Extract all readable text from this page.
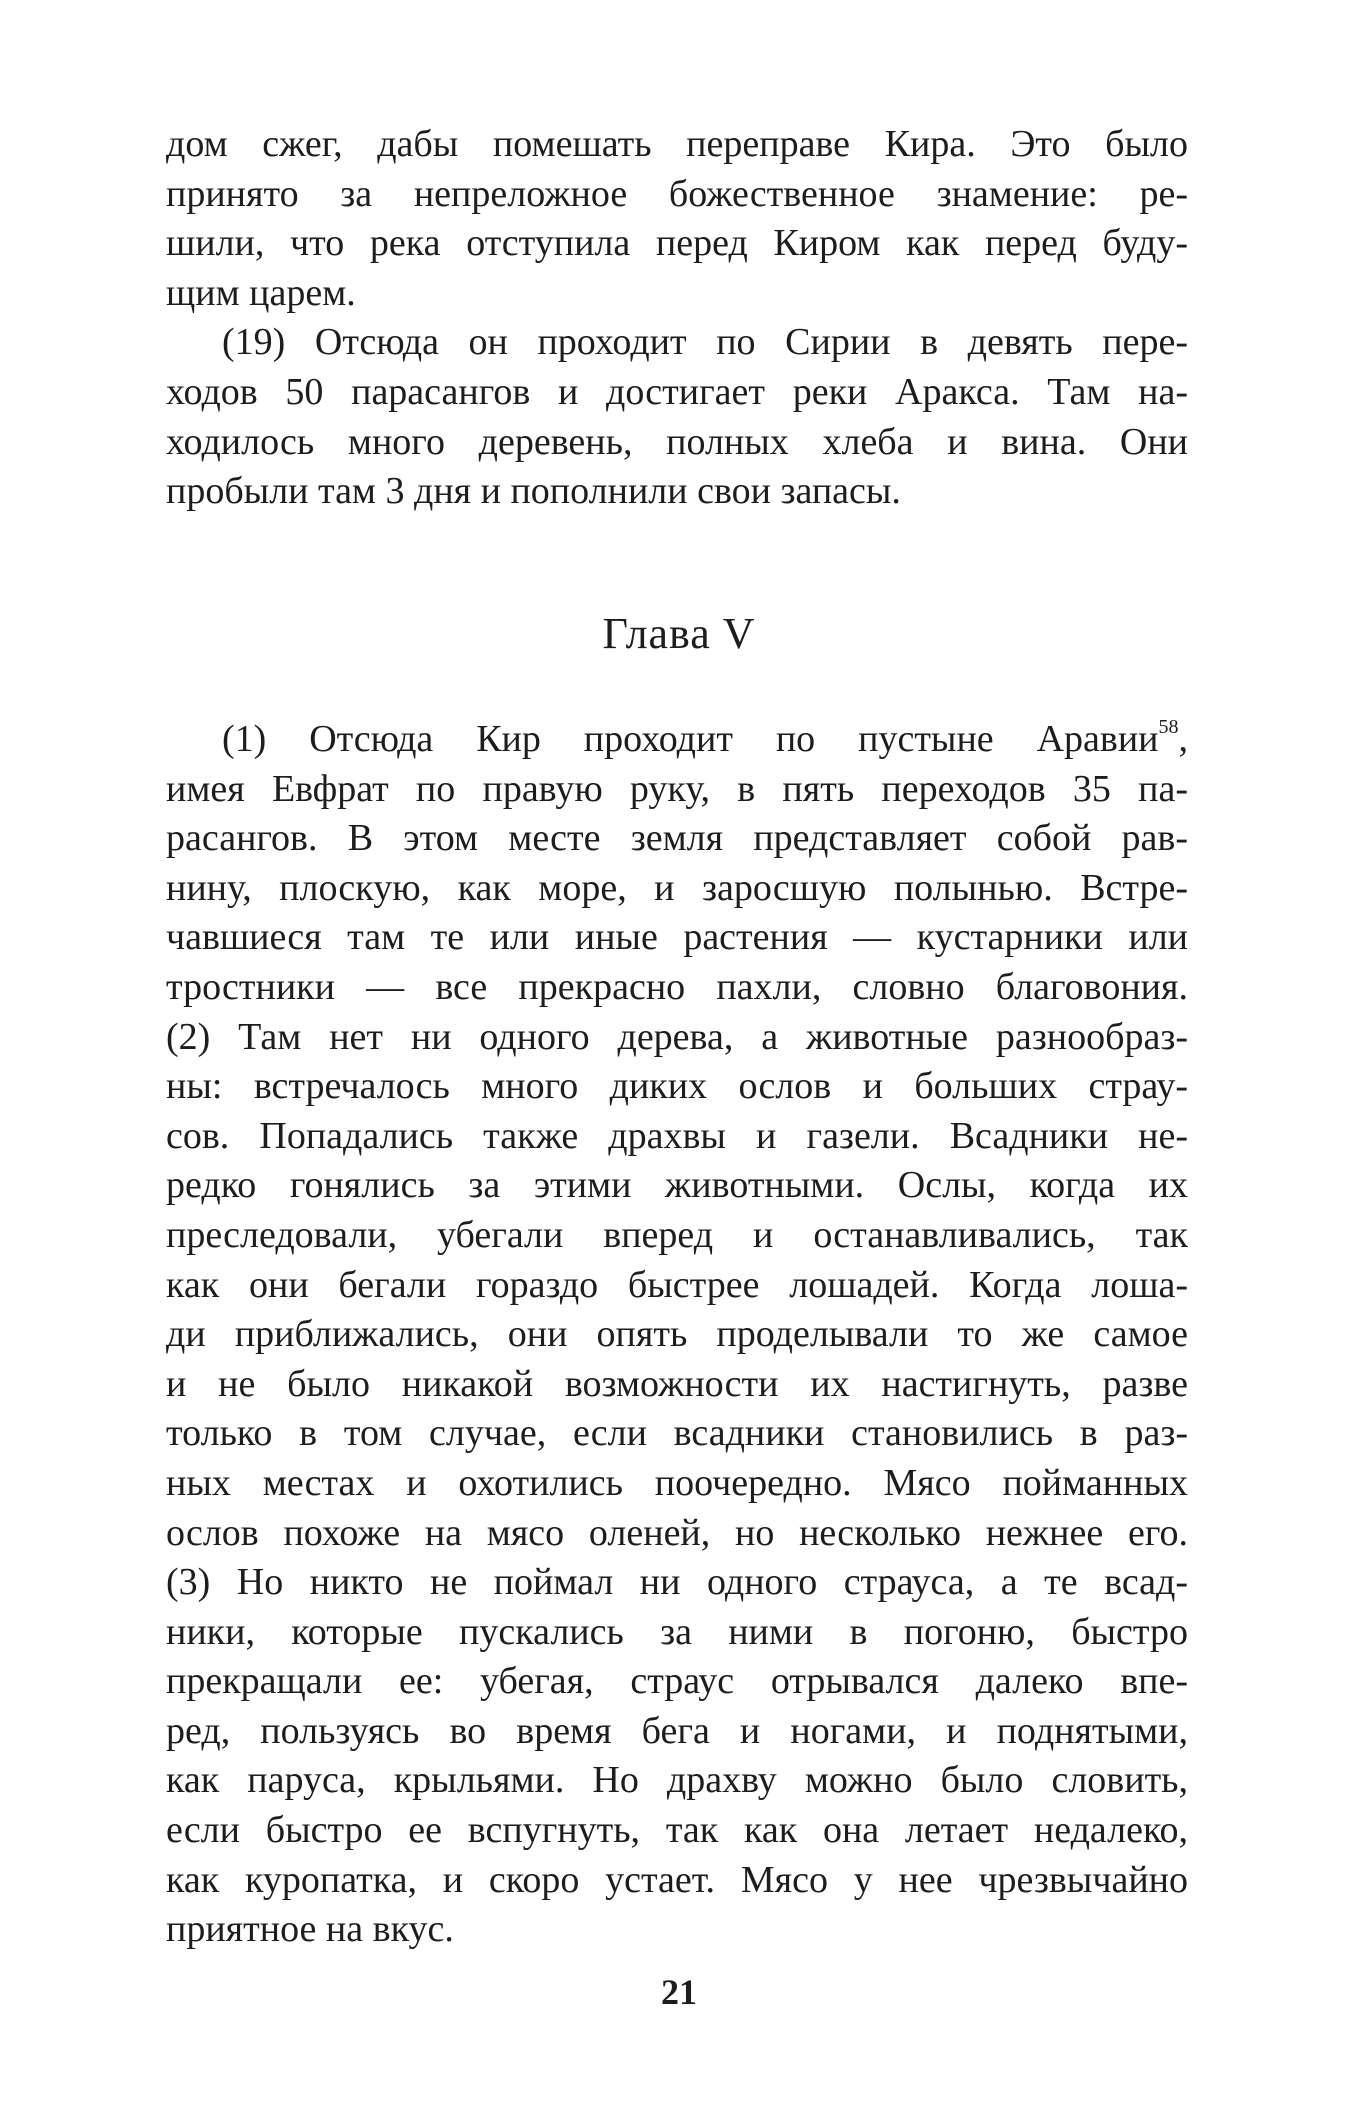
дом сжег, дабы помешать переправе Кира. Это было
принято за непреложное божественное знамение: ре-
шили, что река отступила перед Киром как перед буду-
щим царем.
(19) Отсюда он проходит по Сирии в девять пере-
ходов 50 парасангов и достигает реки Аракса. Там на-
ходилось много деревень, полных хлеба и вина. Они
пробыли там 3 дня и пополнили свои запасы.
Глава V
(1) Отсюда Кир проходит по пустыне Аравии$^{58}$,
имея Евфрат по правую руку, в пять переходов 35 па-
расангов. В этом месте земля представляет собой рав-
нину, плоскую, как море, и заросшую полынью. Встре-
чавшиеся там те или иные растения — кустарники или
тростники — все прекрасно пахли, словно благовония.
(2) Там нет ни одного дерева, а животные разнообраз-
ны: встречалось много диких ослов и больших страу-
сов. Попадались также драхвы и газели. Всадники не-
редко гонялись за этими животными. Ослы, когда их
преследовали, убегали вперед и останавливались, так
как они бегали гораздо быстрее лошадей. Когда лоша-
ди приближались, они опять проделывали то же самое
и не было никакой возможности их настигнуть, разве
только в том случае, если всадники становились в раз-
ных местах и охотились поочередно. Мясо пойманных
ослов похоже на мясо оленей, но несколько нежнее его.
(3) Но никто не поймал ни одного страуса, а те всад-
ники, которые пускались за ними в погоню, быстро
прекращали ее: убегая, страус отрывался далеко впе-
ред, пользуясь во время бега и ногами, и поднятыми,
как паруса, крыльями. Но драхву можно было словить,
если быстро ее вспугнуть, так как она летает недалеко,
как куропатка, и скоро устает. Мясо у нее чрезвычайно
приятное на вкус.
21
